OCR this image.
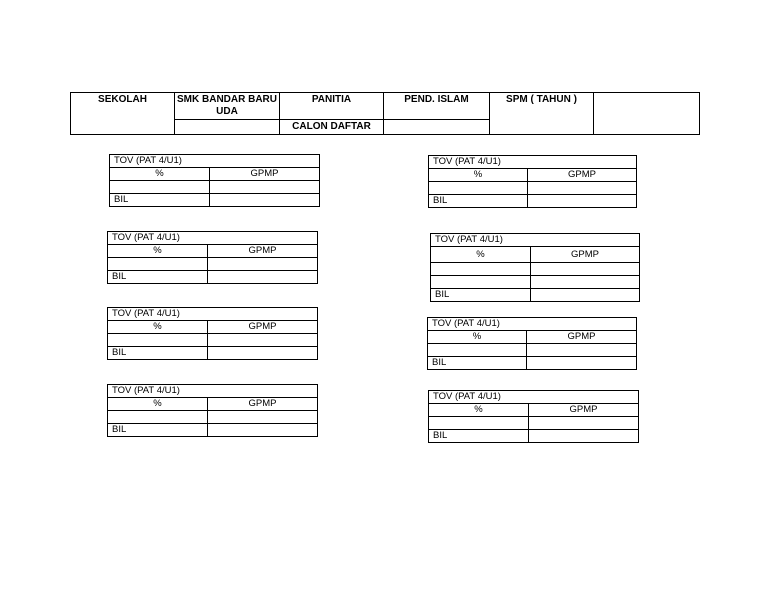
SEKOLAH	SMK BANDAR BARU UDA	PANITIA	PEND. ISLAM	SPM ( TAHUN )	
		CALON DAFTAR			
TOV (PAT 4/U1)	
%	GPMP

BIL	
TOV (PAT 4/U1)	
%	GPMP

BIL	
TOV (PAT 4/U1)	
%	GPMP

BIL	
TOV (PAT 4/U1)	
%	GPMP

BIL	
TOV (PAT 4/U1)	
%	GPMP

BIL	
TOV (PAT 4/U1)	
%	GPMP

BIL	
TOV (PAT 4/U1)	
%	GPMP

BIL	
TOV (PAT 4/U1)	
%	GPMP

BIL	
